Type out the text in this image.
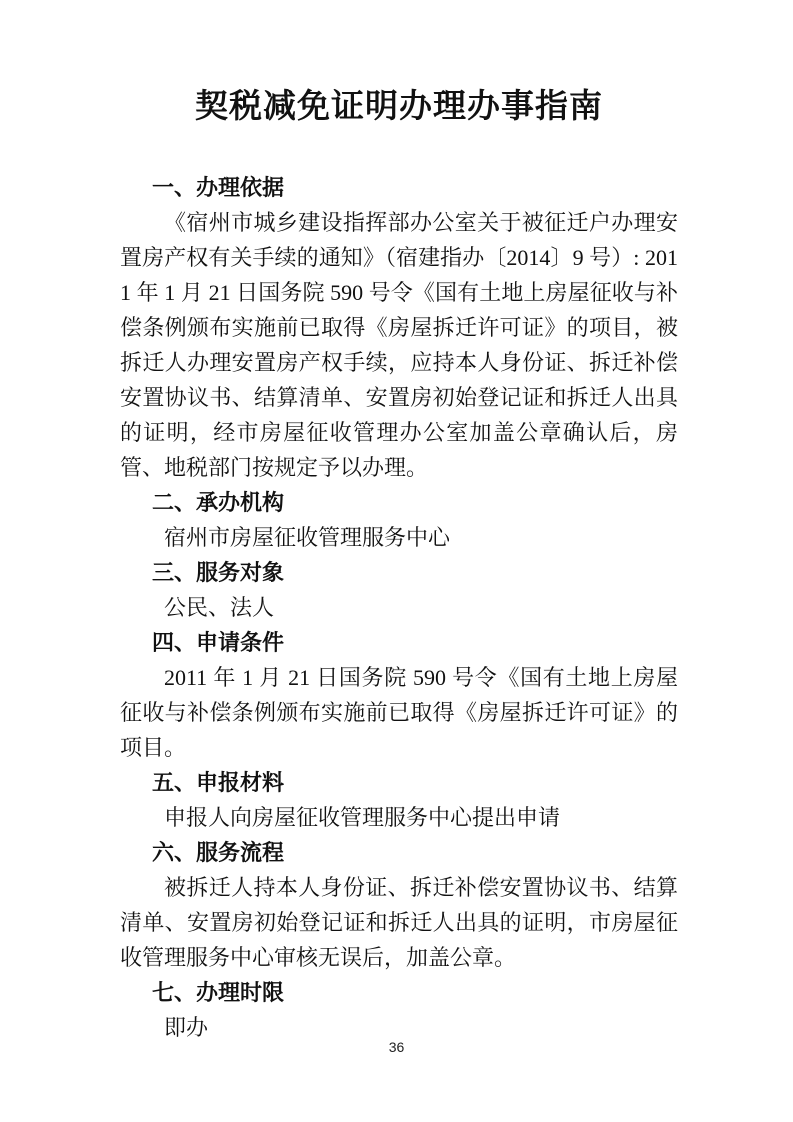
契税减免证明办理办事指南
一、办理依据

《宿州市城乡建设指挥部办公室关于被征迁户办理安置房产权有关手续的通知》（宿建指办〔2014〕9 号）: 2011 年 1 月 21 日国务院 590 号令《国有土地上房屋征收与补偿条例颁布实施前已取得《房屋拆迁许可证》的项目，被拆迁人办理安置房产权手续，应持本人身份证、拆迁补偿安置协议书、结算清单、安置房初始登记证和拆迁人出具的证明，经市房屋征收管理办公室加盖公章确认后，房管、地税部门按规定予以办理。

二、承办机构

宿州市房屋征收管理服务中心

三、服务对象

公民、法人

四、申请条件

2011 年 1 月 21 日国务院 590 号令《国有土地上房屋征收与补偿条例颁布实施前已取得《房屋拆迁许可证》的项目。

五、申报材料

申报人向房屋征收管理服务中心提出申请

六、服务流程

被拆迁人持本人身份证、拆迁补偿安置协议书、结算清单、安置房初始登记证和拆迁人出具的证明，市房屋征收管理服务中心审核无误后，加盖公章。

七、办理时限

即办

36
